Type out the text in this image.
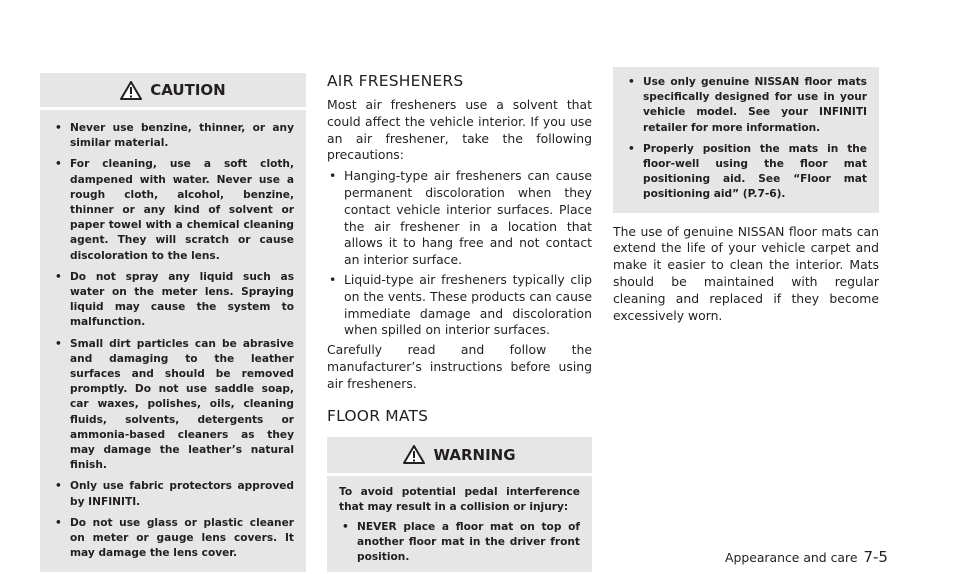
CAUTION
• Never use benzine, thinner, or any similar material.
• For cleaning, use a soft cloth, dampened with water. Never use a rough cloth, alcohol, benzine, thinner or any kind of solvent or paper towel with a chemical cleaning agent. They will scratch or cause discoloration to the lens.
• Do not spray any liquid such as water on the meter lens. Spraying liquid may cause the system to malfunction.
• Small dirt particles can be abrasive and damaging to the leather surfaces and should be removed promptly. Do not use saddle soap, car waxes, polishes, oils, cleaning fluids, solvents, detergents or ammonia-based cleaners as they may damage the leather’s natural finish.
• Only use fabric protectors approved by INFINITI.
• Do not use glass or plastic cleaner on meter or gauge lens covers. It may damage the lens cover.
AIR FRESHENERS

Most air fresheners use a solvent that could affect the vehicle interior. If you use an air freshener, take the following precautions:

• Hanging-type air fresheners can cause permanent discoloration when they contact vehicle interior surfaces. Place the air freshener in a location that allows it to hang free and not contact an interior surface.
• Liquid-type air fresheners typically clip on the vents. These products can cause immediate damage and discoloration when spilled on interior surfaces.

Carefully read and follow the manufacturer’s instructions before using air fresheners.

FLOOR MATS
WARNING

To avoid potential pedal interference that may result in a collision or injury:

• NEVER place a floor mat on top of another floor mat in the driver front position.
• Use only genuine NISSAN floor mats specifically designed for use in your vehicle model. See your INFINITI retailer for more information.
• Properly position the mats in the floor-well using the floor mat positioning aid. See “Floor mat positioning aid” (P.7-6).

The use of genuine NISSAN floor mats can extend the life of your vehicle carpet and make it easier to clean the interior. Mats should be maintained with regular cleaning and replaced if they become excessively worn.

Appearance and care 7-5
